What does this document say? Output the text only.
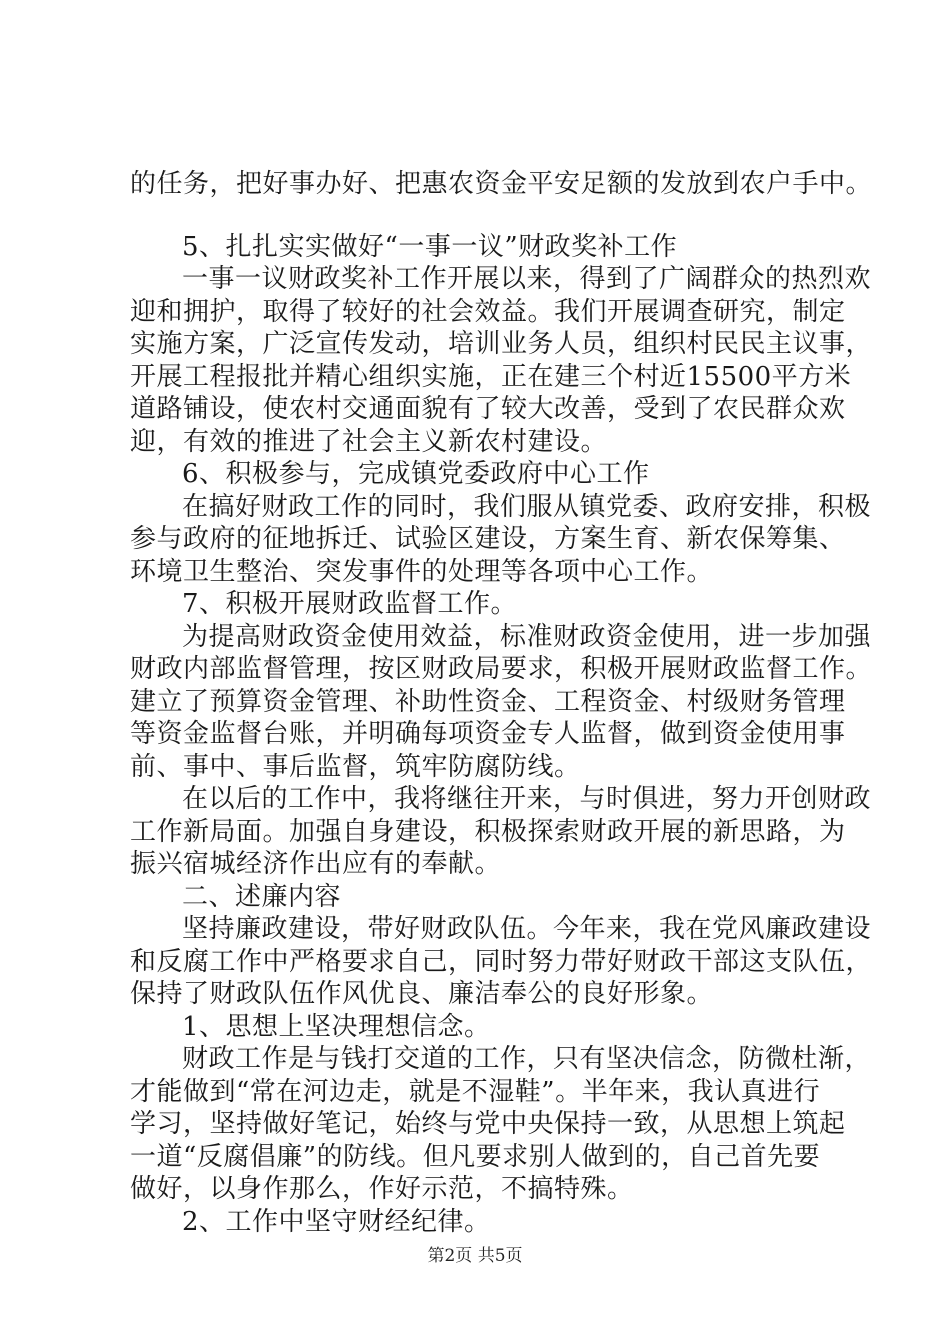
的任务，把好事办好、把惠农资金平安足额的发放到农户手中。
5、扎扎实实做好“一事一议”财政奖补工作
一事一议财政奖补工作开展以来，得到了广阔群众的热烈欢
迎和拥护，取得了较好的社会效益。我们开展调查研究，制定
实施方案，广泛宣传发动，培训业务人员，组织村民民主议事，
开展工程报批并精心组织实施，正在建三个村近15500平方米
道路铺设，使农村交通面貌有了较大改善，受到了农民群众欢
迎，有效的推进了社会主义新农村建设。
6、积极参与，完成镇党委政府中心工作
在搞好财政工作的同时，我们服从镇党委、政府安排，积极
参与政府的征地拆迁、试验区建设，方案生育、新农保筹集、
环境卫生整治、突发事件的处理等各项中心工作。
7、积极开展财政监督工作。
为提高财政资金使用效益，标准财政资金使用，进一步加强
财政内部监督管理，按区财政局要求，积极开展财政监督工作。
建立了预算资金管理、补助性资金、工程资金、村级财务管理
等资金监督台账，并明确每项资金专人监督，做到资金使用事
前、事中、事后监督，筑牢防腐防线。
在以后的工作中，我将继往开来，与时俱进，努力开创财政
工作新局面。加强自身建设，积极探索财政开展的新思路，为
振兴宿城经济作出应有的奉献。
二、述廉内容
坚持廉政建设，带好财政队伍。今年来，我在党风廉政建设
和反腐工作中严格要求自己，同时努力带好财政干部这支队伍，
保持了财政队伍作风优良、廉洁奉公的良好形象。
1、思想上坚决理想信念。
财政工作是与钱打交道的工作，只有坚决信念，防微杜渐，
才能做到“常在河边走，就是不湿鞋”。半年来，我认真进行
学习，坚持做好笔记，始终与党中央保持一致，从思想上筑起
一道“反腐倡廉”的防线。但凡要求别人做到的，自己首先要
做好，以身作那么，作好示范，不搞特殊。
2、工作中坚守财经纪律。
第2页 共5页
